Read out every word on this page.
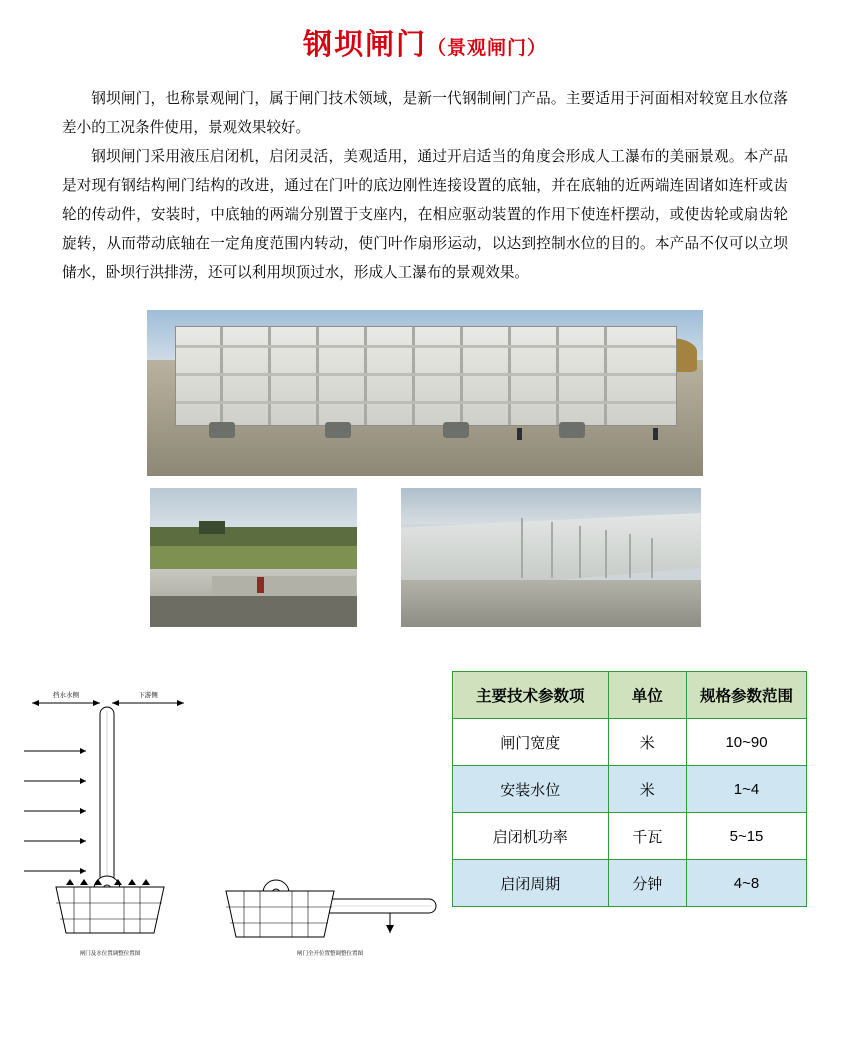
钢坝闸门（景观闸门）

钢坝闸门，也称景观闸门，属于闸门技术领域，是新一代钢制闸门产品。主要适用于河面相对较宽且水位落差小的工况条件使用，景观效果较好。

钢坝闸门采用液压启闭机，启闭灵活，美观适用，通过开启适当的角度会形成人工瀑布的美丽景观。本产品是对现有钢结构闸门结构的改进，通过在门叶的底边刚性连接设置的底轴，并在底轴的近两端连固诸如连杆或齿轮的传动件，安装时，中底轴的两端分别置于支座内，在相应驱动装置的作用下使连杆摆动，或使齿轮或扇齿轮旋转，从而带动底轴在一定角度范围内转动，使门叶作扇形运动，以达到控制水位的目的。本产品不仅可以立坝储水，卧坝行洪排涝，还可以利用坝顶过水，形成人工瀑布的景观效果。

挡水水侧	下游侧
闸门及水位置调整位置图	闸门全开位置整调整位置图
主要技术参数项	单位	规格参数范围
闸门宽度	米	10~90
安装水位	米	1~4
启闭机功率	千瓦	5~15
启闭周期	分钟	4~8
